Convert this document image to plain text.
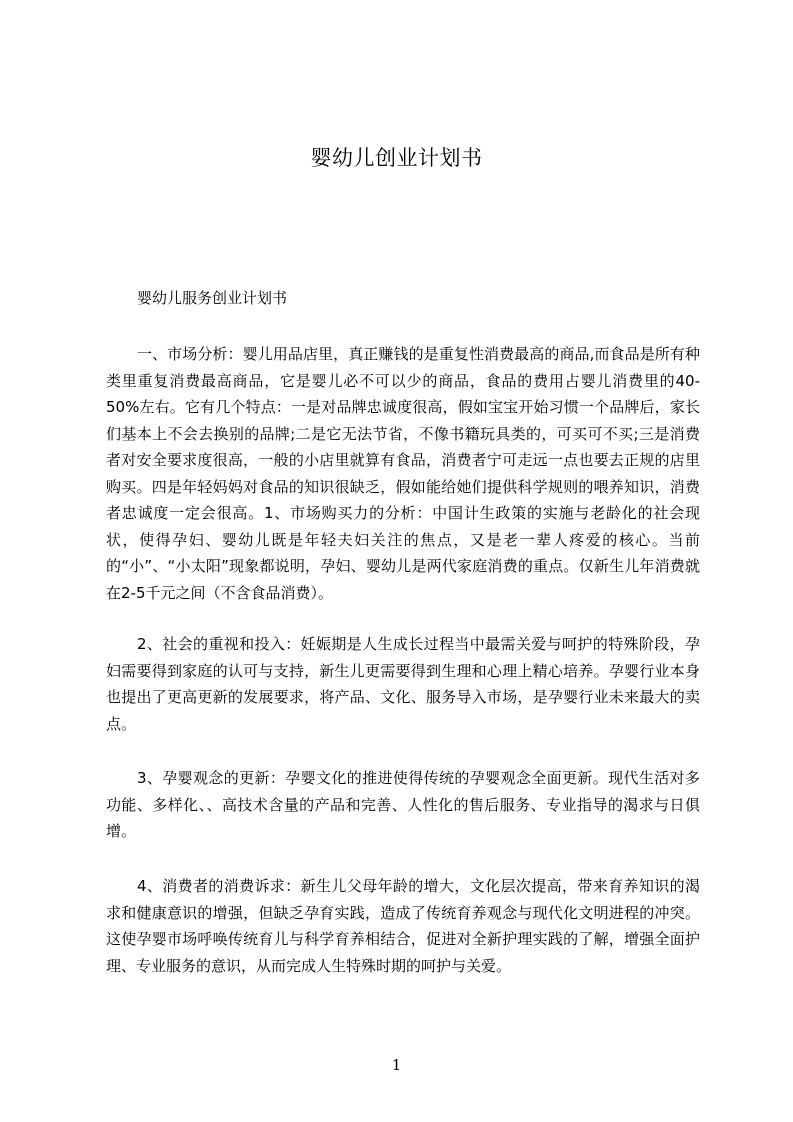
婴幼儿创业计划书
婴幼儿服务创业计划书

一、市场分析：婴儿用品店里，真正赚钱的是重复性消费最高的商品,而食品是所有种类里重复消费最高商品，它是婴儿必不可以少的商品，食品的费用占婴儿消费里的40-50%左右。它有几个特点：一是对品牌忠诚度很高，假如宝宝开始习惯一个品牌后，家长们基本上不会去换别的品牌;二是它无法节省，不像书籍玩具类的，可买可不买;三是消费者对安全要求度很高，一般的小店里就算有食品，消费者宁可走远一点也要去正规的店里购买。四是年轻妈妈对食品的知识很缺乏，假如能给她们提供科学规则的喂养知识，消费者忠诚度一定会很高。1、市场购买力的分析：中国计生政策的实施与老龄化的社会现状，使得孕妇、婴幼儿既是年轻夫妇关注的焦点，又是老一辈人疼爱的核心。当前的“小”、“小太阳”现象都说明，孕妇、婴幼儿是两代家庭消费的重点。仅新生儿年消费就在2-5千元之间（不含食品消费）。

2、社会的重视和投入：妊娠期是人生成长过程当中最需关爱与呵护的特殊阶段，孕妇需要得到家庭的认可与支持，新生儿更需要得到生理和心理上精心培养。孕婴行业本身也提出了更高更新的发展要求，将产品、文化、服务导入市场，是孕婴行业未来最大的卖点。

3、孕婴观念的更新：孕婴文化的推进使得传统的孕婴观念全面更新。现代生活对多功能、多样化、、高技术含量的产品和完善、人性化的售后服务、专业指导的渴求与日俱增。

4、消费者的消费诉求：新生儿父母年龄的增大，文化层次提高，带来育养知识的渴求和健康意识的增强，但缺乏孕育实践，造成了传统育养观念与现代化文明进程的冲突。这使孕婴市场呼唤传统育儿与科学育养相结合，促进对全新护理实践的了解，增强全面护理、专业服务的意识，从而完成人生特殊时期的呵护与关爱。

1
